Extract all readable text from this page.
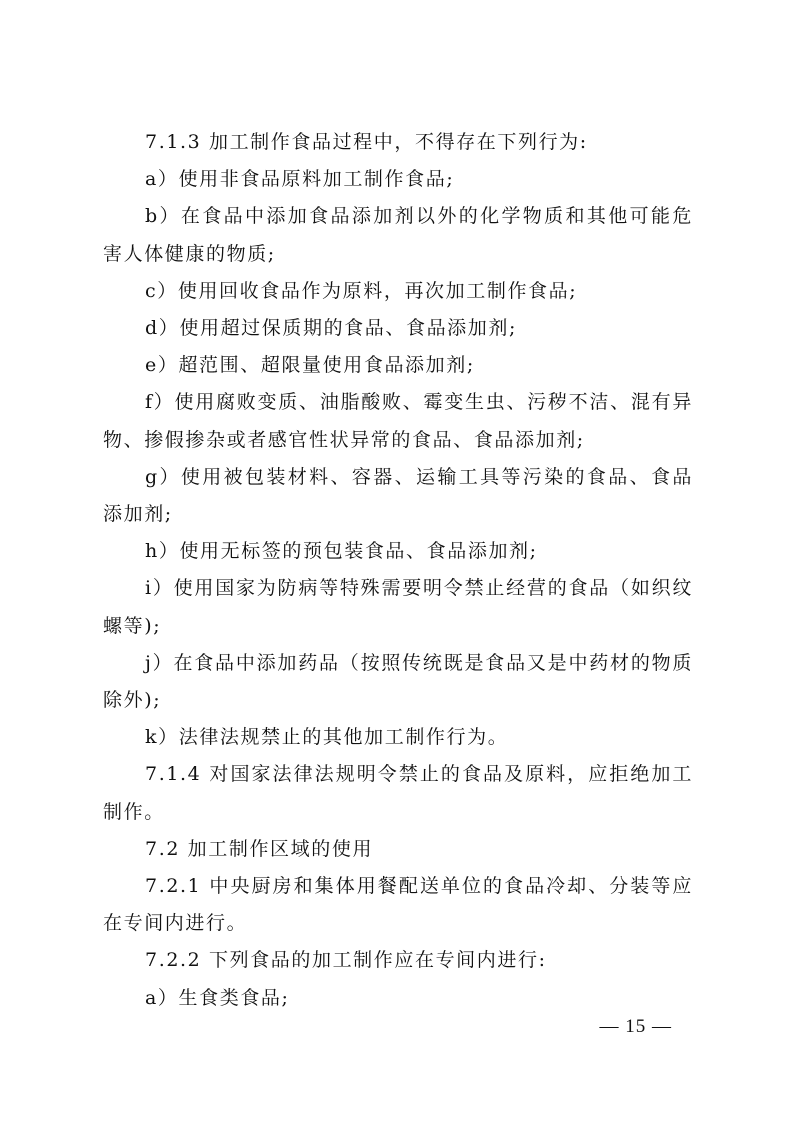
7.1.3 加工制作食品过程中，不得存在下列行为:

a）使用非食品原料加工制作食品;

b）在食品中添加食品添加剂以外的化学物质和其他可能危害人体健康的物质;

c）使用回收食品作为原料，再次加工制作食品;

d）使用超过保质期的食品、食品添加剂;

e）超范围、超限量使用食品添加剂;

f）使用腐败变质、油脂酸败、霉变生虫、污秽不洁、混有异物、掺假掺杂或者感官性状异常的食品、食品添加剂;

g）使用被包装材料、容器、运输工具等污染的食品、食品添加剂;

h）使用无标签的预包装食品、食品添加剂;

i）使用国家为防病等特殊需要明令禁止经营的食品（如织纹螺等);

j）在食品中添加药品（按照传统既是食品又是中药材的物质除外);

k）法律法规禁止的其他加工制作行为。

7.1.4 对国家法律法规明令禁止的食品及原料，应拒绝加工制作。

7.2 加工制作区域的使用

7.2.1 中央厨房和集体用餐配送单位的食品冷却、分装等应在专间内进行。

7.2.2 下列食品的加工制作应在专间内进行:

a）生食类食品;

— 15 —
